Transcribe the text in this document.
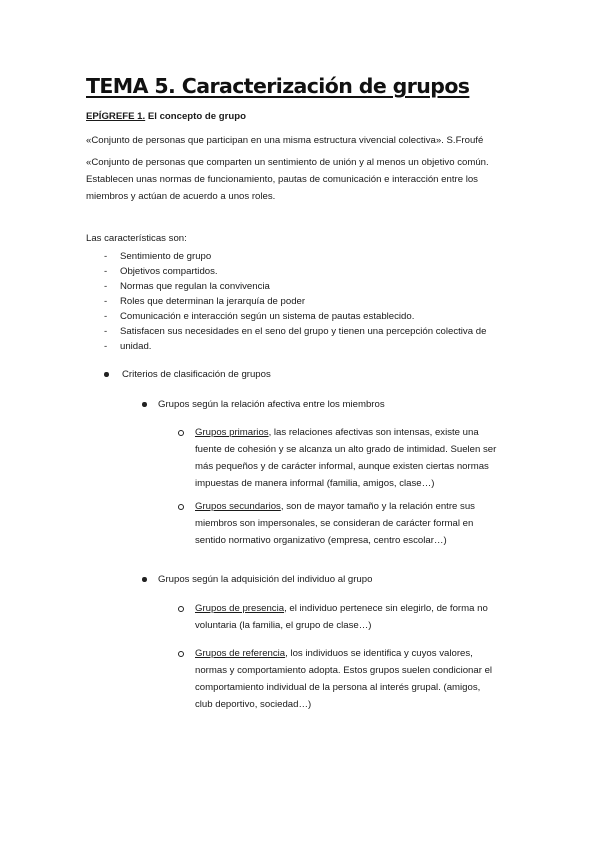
TEMA 5. Caracterización de grupos

EPÍGREFE 1. El concepto de grupo

«Conjunto de personas que participan en una misma estructura vivencial colectiva». S.Froufé

«Conjunto de personas que comparten un sentimiento de unión y al menos un objetivo común.
Establecen unas normas de funcionamiento, pautas de comunicación e interacción entre los
miembros y actúan de acuerdo a unos roles.

Las características son:

- Sentimiento de grupo
- Objetivos compartidos.
- Normas que regulan la convivencia
- Roles que determinan la jerarquía de poder
- Comunicación e interacción según un sistema de pautas establecido.
- Satisfacen sus necesidades en el seno del grupo y tienen una percepción colectiva de
- unidad.
Criterios de clasificación de grupos
Grupos según la relación afectiva entre los miembros
Grupos primarios, las relaciones afectivas son intensas, existe una
fuente de cohesión y se alcanza un alto grado de intimidad. Suelen ser
más pequeños y de carácter informal, aunque existen ciertas normas
impuestas de manera informal (familia, amigos, clase…)
Grupos secundarios, son de mayor tamaño y la relación entre sus
miembros son impersonales, se consideran de carácter formal en
sentido normativo organizativo (empresa, centro escolar…)
Grupos según la adquisición del individuo al grupo
Grupos de presencia, el individuo pertenece sin elegirlo, de forma no
voluntaria (la familia, el grupo de clase…)
Grupos de referencia, los individuos se identifica y cuyos valores,
normas y comportamiento adopta. Estos grupos suelen condicionar el
comportamiento individual de la persona al interés grupal. (amigos,
club deportivo, sociedad…)
